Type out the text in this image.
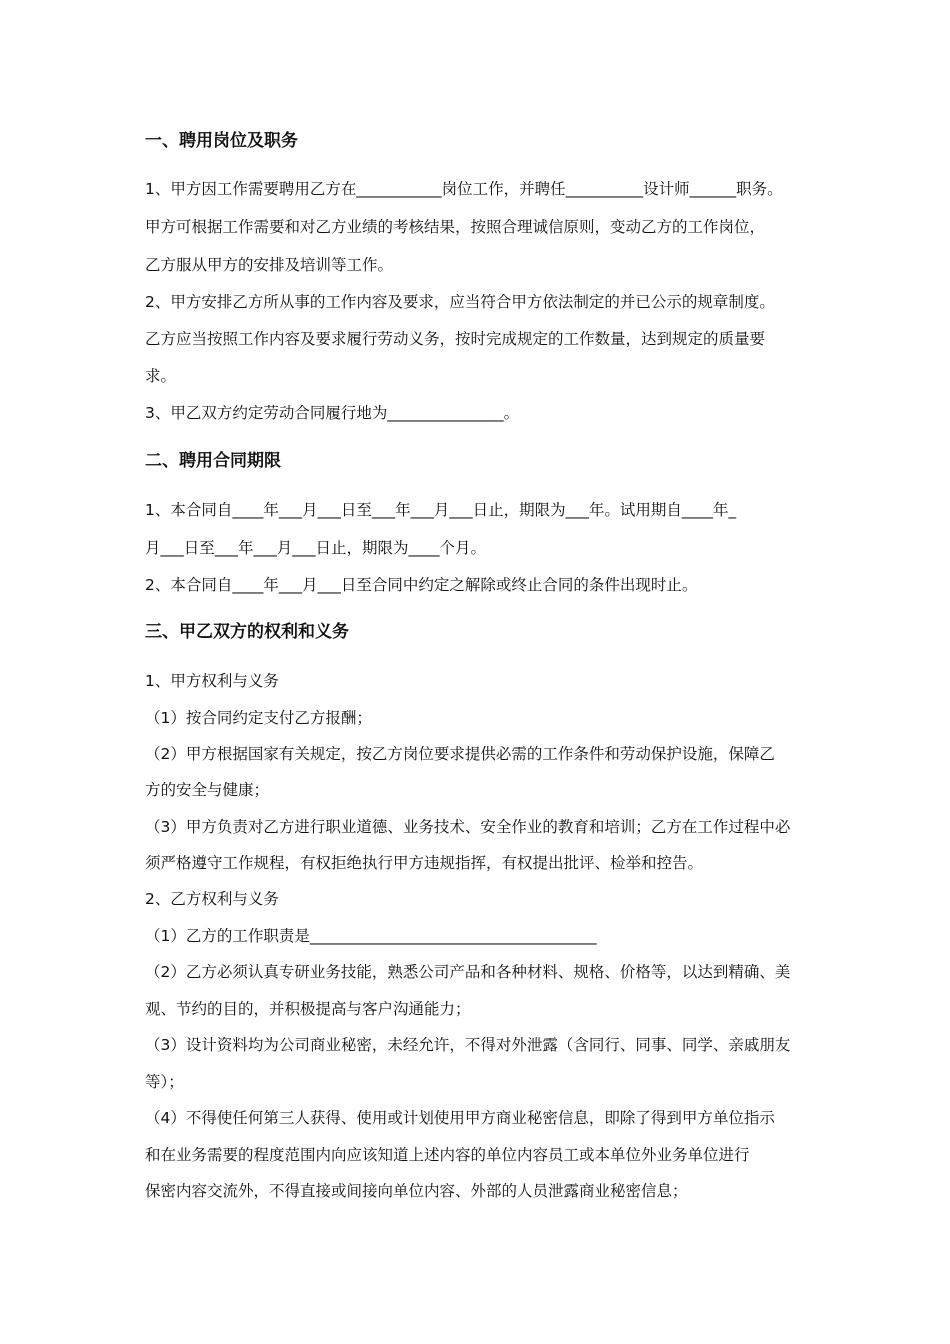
一、聘用岗位及职务
1、甲方因工作需要聘用乙方在___________岗位工作，并聘任__________设计师______职务。
甲方可根据工作需要和对乙方业绩的考核结果，按照合理诚信原则，变动乙方的工作岗位，
乙方服从甲方的安排及培训等工作。
2、甲方安排乙方所从事的工作内容及要求，应当符合甲方依法制定的并已公示的规章制度。
乙方应当按照工作内容及要求履行劳动义务，按时完成规定的工作数量，达到规定的质量要
求。
3、甲乙双方约定劳动合同履行地为_______________。
二、聘用合同期限
1、本合同自____年___月___日至___年___月___日止，期限为___年。试用期自____年_
月___日至___年___月___日止，期限为____个月。
2、本合同自____年___月___日至合同中约定之解除或终止合同的条件出现时止。
三、甲乙双方的权利和义务
1、甲方权利与义务
（1）按合同约定支付乙方报酬；
（2）甲方根据国家有关规定，按乙方岗位要求提供必需的工作条件和劳动保护设施，保障乙
方的安全与健康；
（3）甲方负责对乙方进行职业道德、业务技术、安全作业的教育和培训；乙方在工作过程中必
须严格遵守工作规程，有权拒绝执行甲方违规指挥，有权提出批评、检举和控告。
2、乙方权利与义务
（1）乙方的工作职责是_____________________________________
（2）乙方必须认真专研业务技能，熟悉公司产品和各种材料、规格、价格等，以达到精确、美
观、节约的目的，并积极提高与客户沟通能力；
（3）设计资料均为公司商业秘密，未经允许，不得对外泄露（含同行、同事、同学、亲戚朋友
等）；
（4）不得使任何第三人获得、使用或计划使用甲方商业秘密信息，即除了得到甲方单位指示
和在业务需要的程度范围内向应该知道上述内容的单位内容员工或本单位外业务单位进行
保密内容交流外，不得直接或间接向单位内容、外部的人员泄露商业秘密信息；
